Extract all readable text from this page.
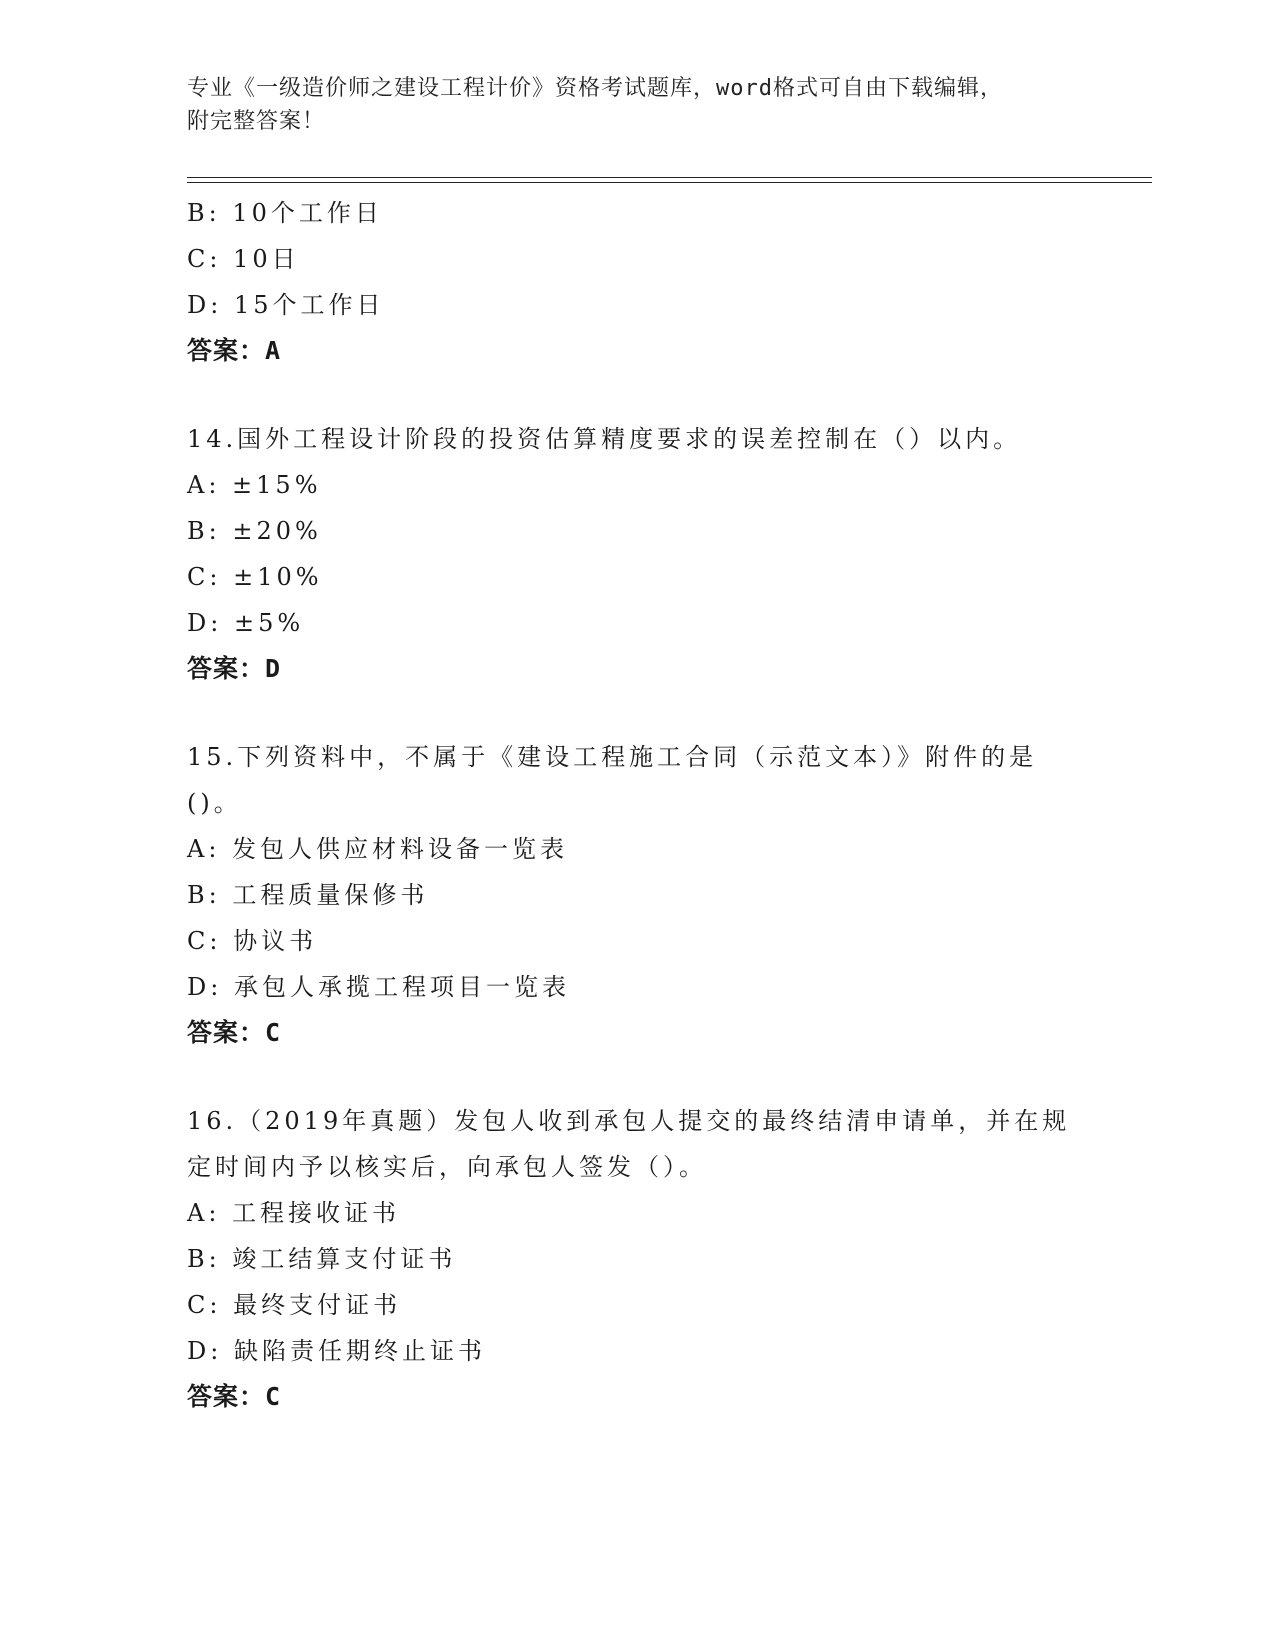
专业《一级造价师之建设工程计价》资格考试题库，word格式可自由下载编辑，
附完整答案！
B: 10个工作日
C: 10日
D: 15个工作日
答案：A
14.国外工程设计阶段的投资估算精度要求的误差控制在（）以内。
A: ±15%
B: ±20%
C: ±10%
D: ±5%
答案：D
15.下列资料中，不属于《建设工程施工合同（示范文本）》附件的是
()。
A: 发包人供应材料设备一览表
B: 工程质量保修书
C: 协议书
D: 承包人承揽工程项目一览表
答案：C
16.（2019年真题）发包人收到承包人提交的最终结清申请单，并在规
定时间内予以核实后，向承包人签发（）。
A: 工程接收证书
B: 竣工结算支付证书
C: 最终支付证书
D: 缺陷责任期终止证书
答案：C
